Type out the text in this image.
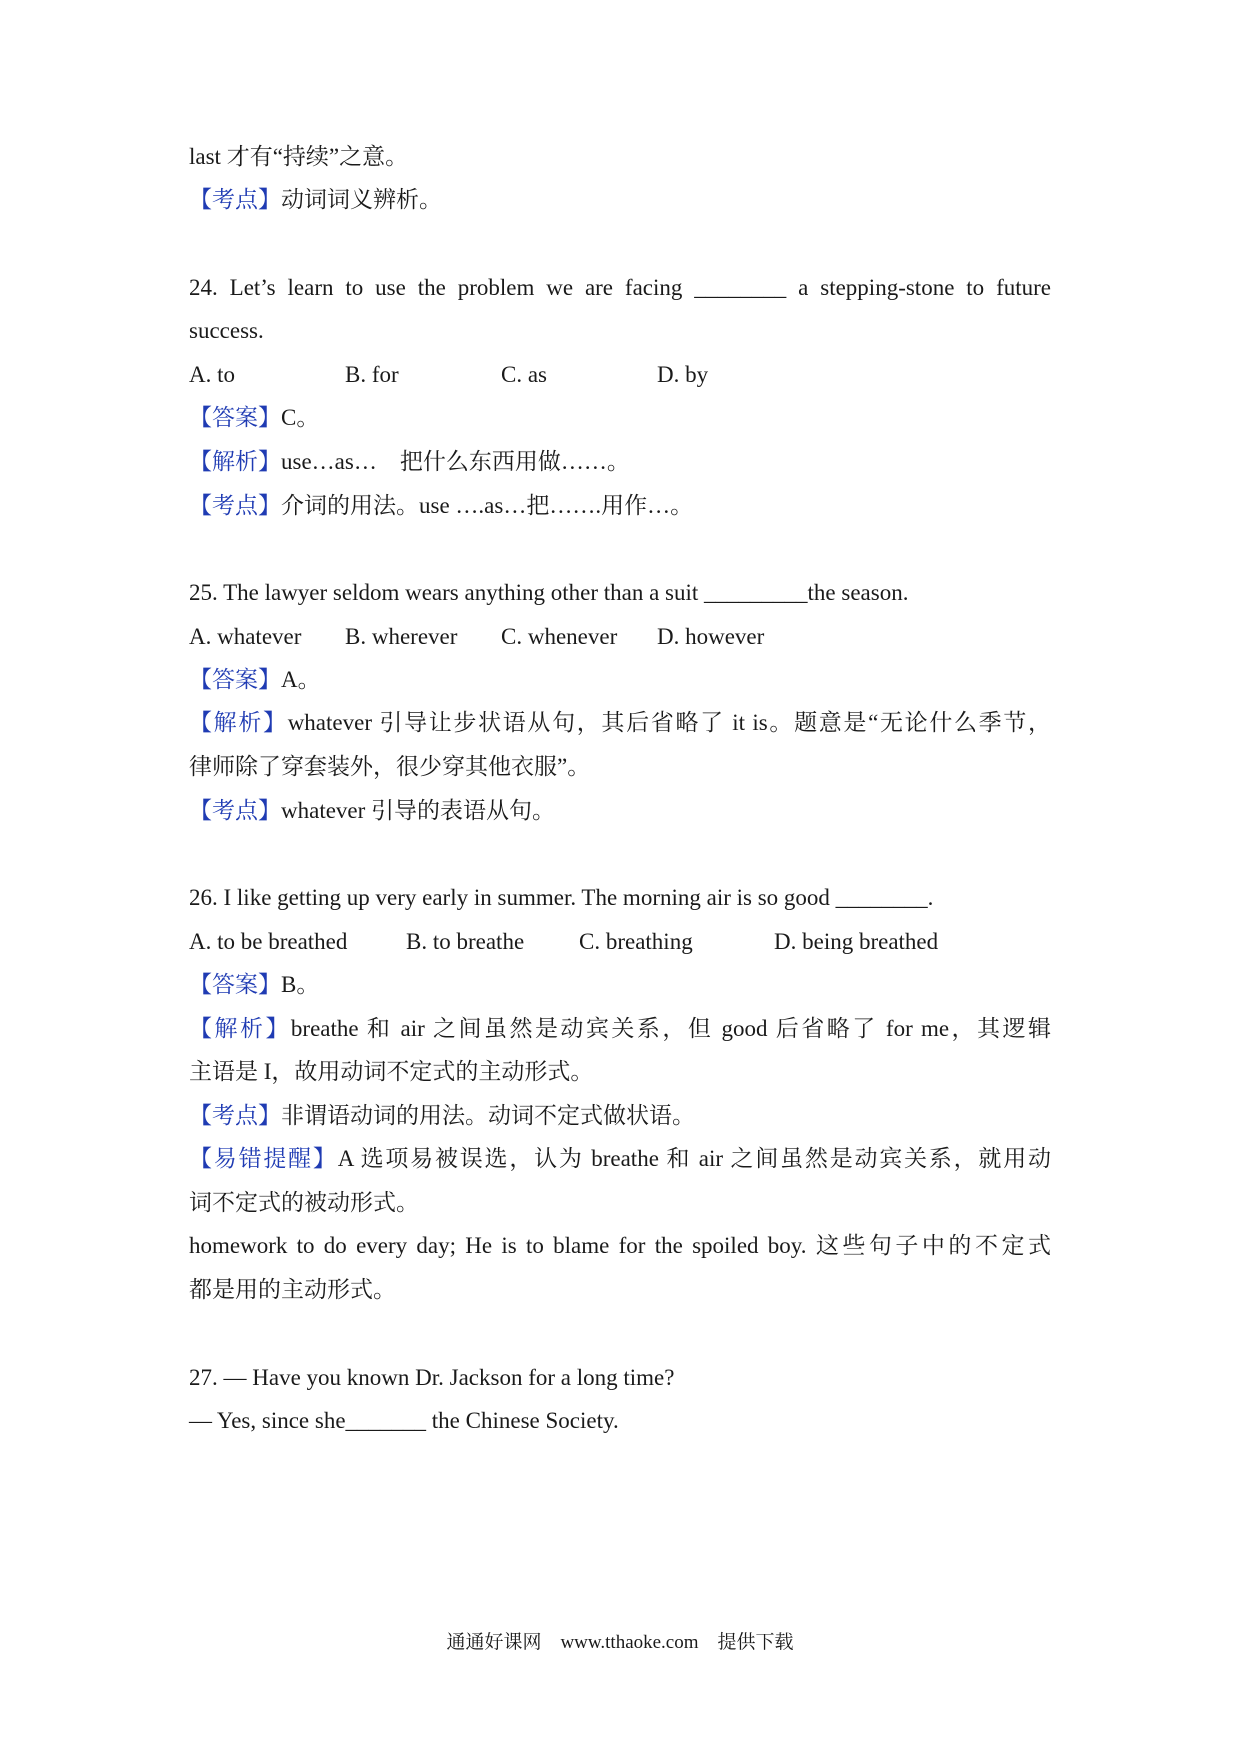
last 才有“持续”之意。
【考点】动词词义辨析。
24. Let’s learn to use the problem we are facing ________ a stepping-stone to future
success.
A. to	B. for	C. as	D. by
【答案】C。
【解析】use…as…　把什么东西用做……。
【考点】介词的用法。use ….as…把…….用作…。
25. The lawyer seldom wears anything other than a suit _________the season.
A. whatever B. wherever C. whenever D. however
【答案】A。
【解析】whatever 引导让步状语从句，其后省略了 it is。题意是“无论什么季节，
律师除了穿套装外，很少穿其他衣服”。
【考点】whatever 引导的表语从句。
26. I like getting up very early in summer. The morning air is so good ________.
A. to be breathed	B. to breathe C. breathing	D. being breathed
【答案】B。
【解析】breathe 和 air 之间虽然是动宾关系，但 good 后省略了 for me，其逻辑
主语是 I，故用动词不定式的主动形式。
【考点】非谓语动词的用法。动词不定式做状语。
【易错提醒】A 选项易被误选，认为 breathe 和 air 之间虽然是动宾关系，就用动
词不定式的被动形式。
homework to do every day; He is to blame for the spoiled boy. 这些句子中的不定式
都是用的主动形式。
27. — Have you known Dr. Jackson for a long time?
— Yes, since she_______ the Chinese Society.
通通好课网　www.tthaoke.com　提供下载
